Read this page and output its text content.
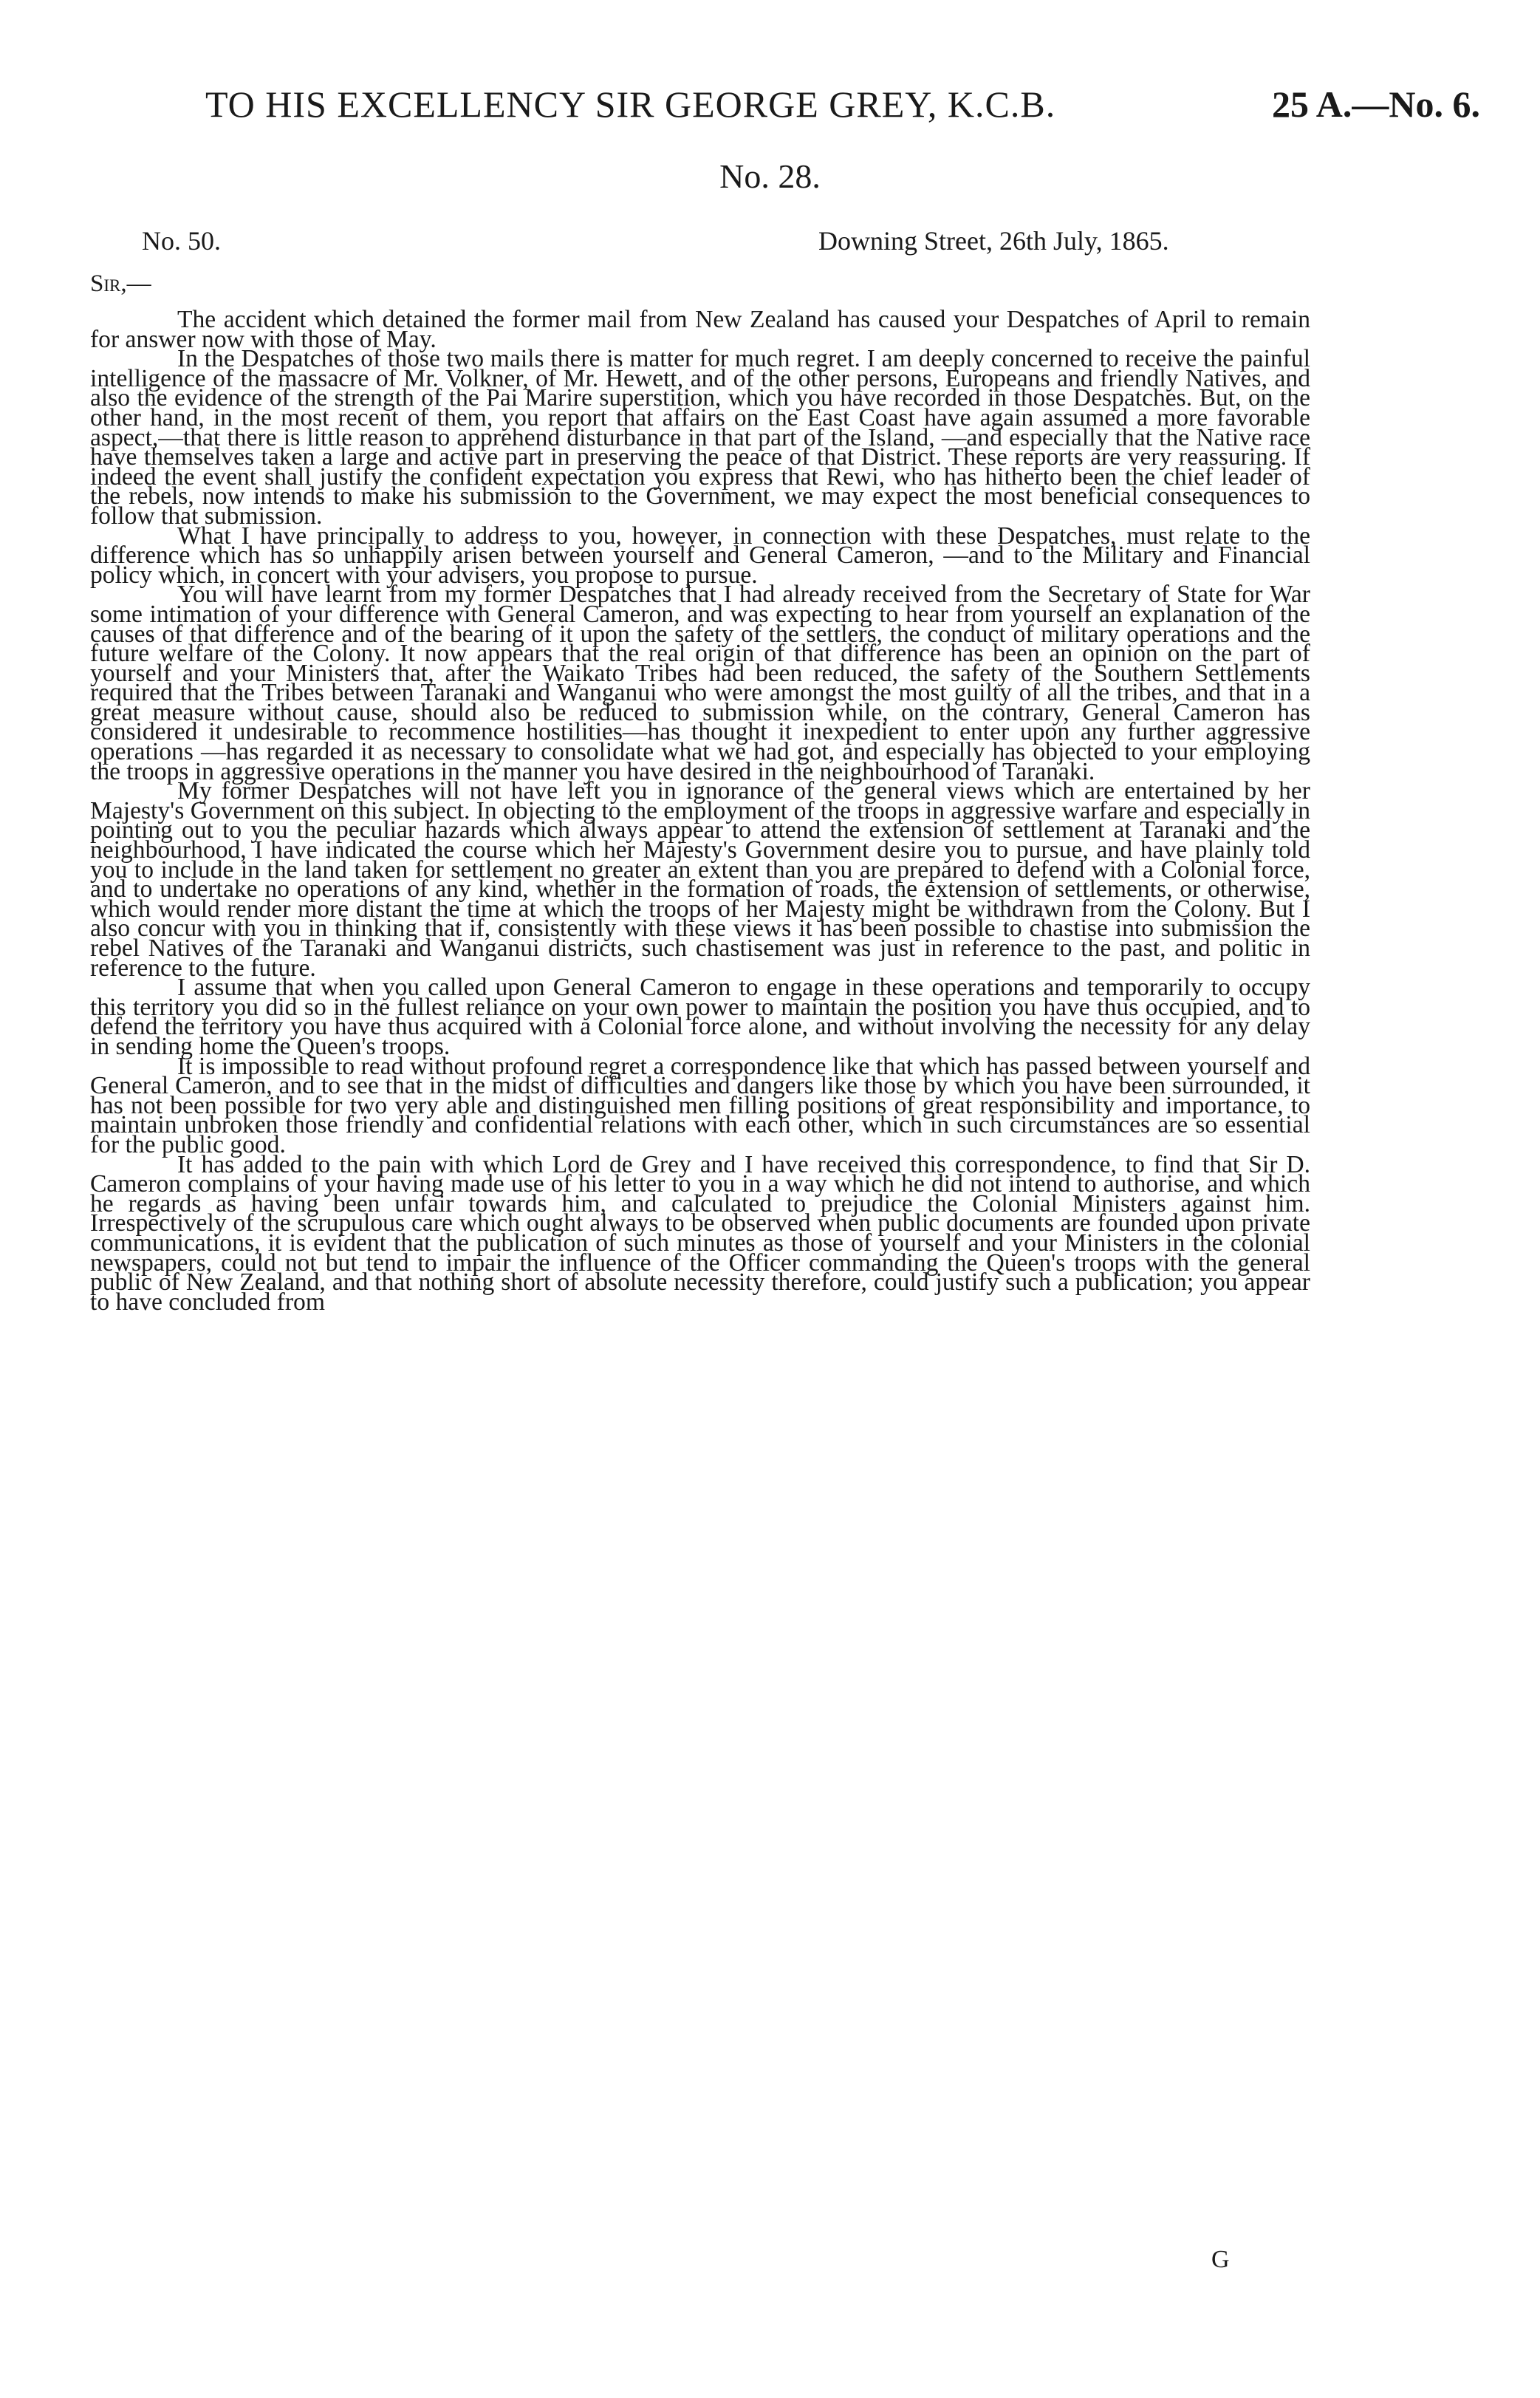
TO HIS EXCELLENCY SIR GEORGE GREY, K.C.B.	25 A.—No. 6.
No. 28.
No. 50.	Downing Street, 26th July, 1865.
Sir,—

The accident which detained the former mail from New Zealand has caused your Despatches of April to remain for answer now with those of May.

In the Despatches of those two mails there is matter for much regret. I am deeply concerned to receive the painful intelligence of the massacre of Mr. Volkner, of Mr. Hewett, and of the other persons, Europeans and friendly Natives, and also the evidence of the strength of the Pai Marire superstition, which you have recorded in those Despatches. But, on the other hand, in the most recent of them, you report that affairs on the East Coast have again assumed a more favorable aspect,—that there is little reason to apprehend disturbance in that part of the Island, —and especially that the Native race have themselves taken a large and active part in preserving the peace of that District. These reports are very reassuring. If indeed the event shall justify the confident expectation you express that Rewi, who has hitherto been the chief leader of the rebels, now intends to make his submission to the Government, we may expect the most beneficial consequences to follow that submission.

What I have principally to address to you, however, in connection with these Despatches, must relate to the difference which has so unhappily arisen between yourself and General Cameron, —and to the Military and Financial policy which, in concert with your advisers, you propose to pursue.

You will have learnt from my former Despatches that I had already received from the Secretary of State for War some intimation of your difference with General Cameron, and was expecting to hear from yourself an explanation of the causes of that difference and of the bearing of it upon the safety of the settlers, the conduct of military operations and the future welfare of the Colony. It now appears that the real origin of that difference has been an opinion on the part of yourself and your Ministers that, after the Waikato Tribes had been reduced, the safety of the Southern Settlements required that the Tribes between Taranaki and Wanganui who were amongst the most guilty of all the tribes, and that in a great measure without cause, should also be reduced to submission while, on the contrary, General Cameron has considered it undesirable to recommence hostilities—has thought it inexpedient to enter upon any further aggressive operations —has regarded it as necessary to consolidate what we had got, and especially has objected to your employing the troops in aggressive operations in the manner you have desired in the neighbourhood of Taranaki.

My former Despatches will not have left you in ignorance of the general views which are entertained by her Majesty's Government on this subject. In objecting to the employment of the troops in aggressive warfare and especially in pointing out to you the peculiar hazards which always appear to attend the extension of settlement at Taranaki and the neighbourhood, I have indicated the course which her Majesty's Government desire you to pursue, and have plainly told you to include in the land taken for settlement no greater an extent than you are prepared to defend with a Colonial force, and to undertake no operations of any kind, whether in the formation of roads, the extension of settlements, or otherwise, which would render more distant the time at which the troops of her Majesty might be withdrawn from the Colony. But I also concur with you in thinking that if, consistently with these views it has been possible to chastise into submission the rebel Natives of the Taranaki and Wanganui districts, such chastisement was just in reference to the past, and politic in reference to the future.

I assume that when you called upon General Cameron to engage in these operations and temporarily to occupy this territory you did so in the fullest reliance on your own power to maintain the position you have thus occupied, and to defend the territory you have thus acquired with a Colonial force alone, and without involving the necessity for any delay in sending home the Queen's troops.

It is impossible to read without profound regret a correspondence like that which has passed between yourself and General Cameron, and to see that in the midst of difficulties and dangers like those by which you have been surrounded, it has not been possible for two very able and distinguished men filling positions of great responsibility and importance, to maintain unbroken those friendly and confidential relations with each other, which in such circumstances are so essential for the public good.

It has added to the pain with which Lord de Grey and I have received this correspondence, to find that Sir D. Cameron complains of your having made use of his letter to you in a way which he did not intend to authorise, and which he regards as having been unfair towards him, and calculated to prejudice the Colonial Ministers against him. Irrespectively of the scrupulous care which ought always to be observed when public documents are founded upon private communications, it is evident that the publication of such minutes as those of yourself and your Ministers in the colonial newspapers, could not but tend to impair the influence of the Officer commanding the Queen's troops with the general public of New Zealand, and that nothing short of absolute necessity therefore, could justify such a publication; you appear to have concluded from

G
